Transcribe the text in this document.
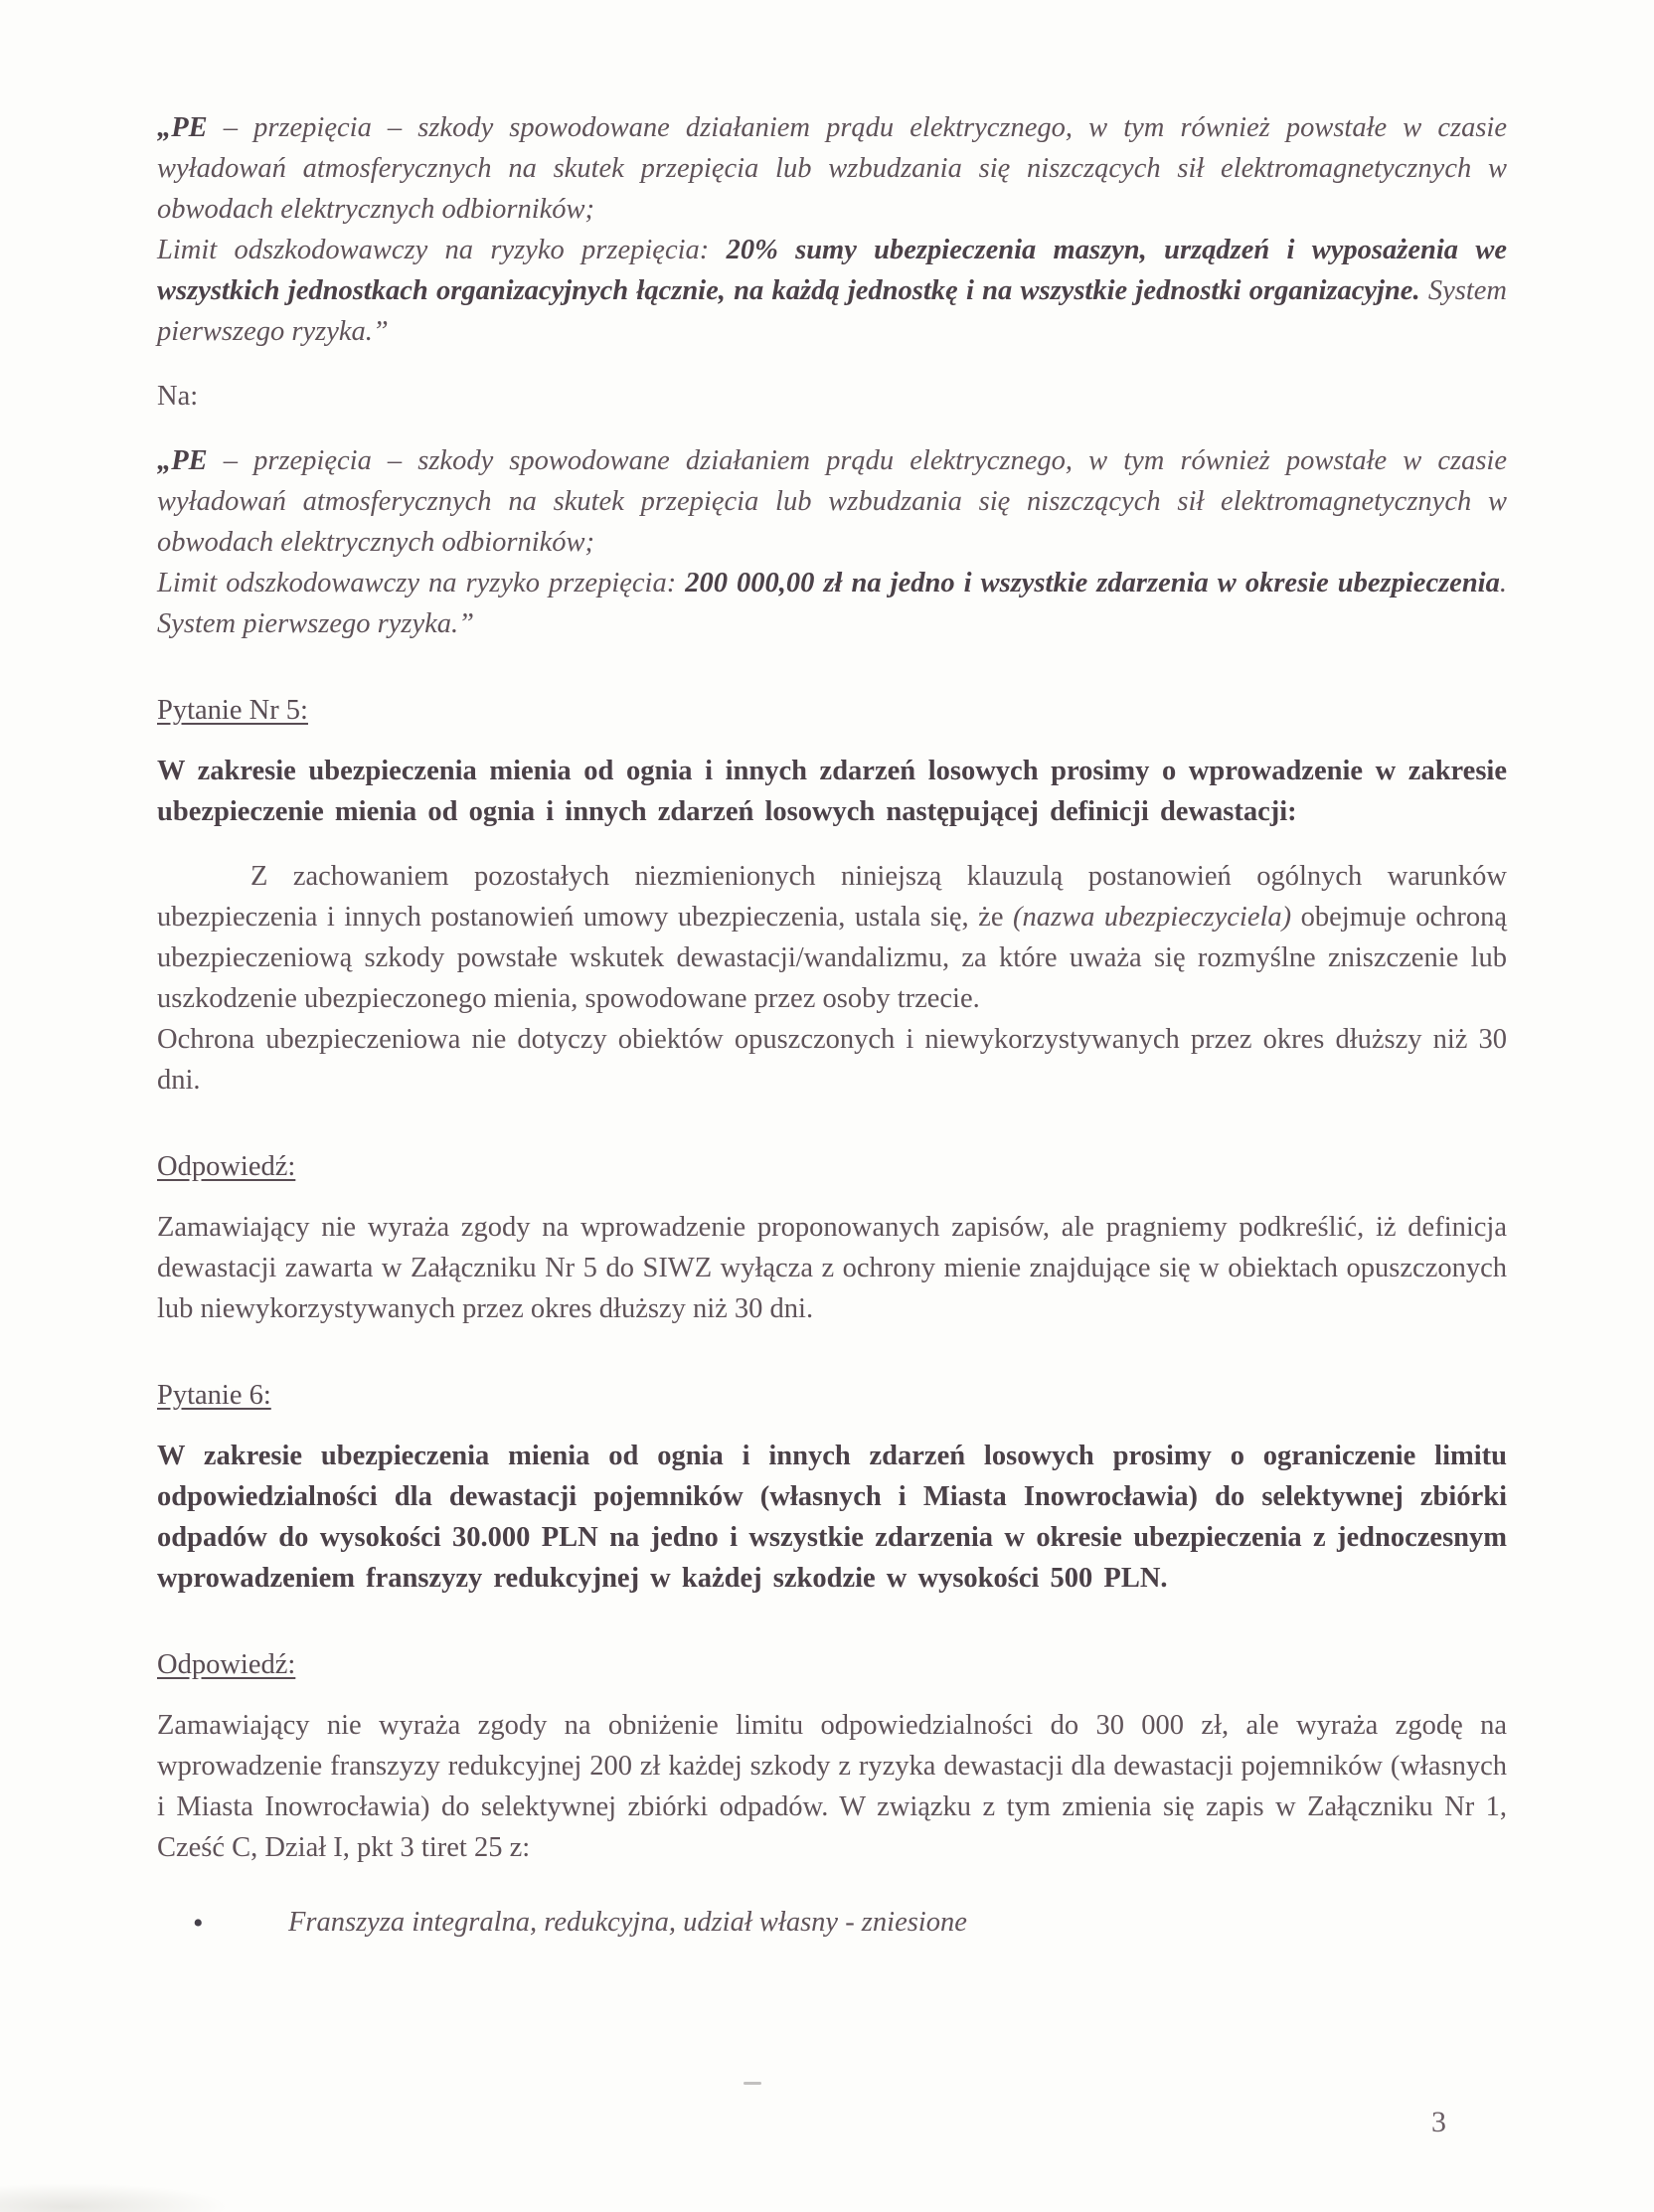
„PE – przepięcia – szkody spowodowane działaniem prądu elektrycznego, w tym również powstałe w czasie wyładowań atmosferycznych na skutek przepięcia lub wzbudzania się niszczących sił elektromagnetycznych w obwodach elektrycznych odbiorników;

Limit odszkodowawczy na ryzyko przepięcia: 20% sumy ubezpieczenia maszyn, urządzeń i wyposażenia we wszystkich jednostkach organizacyjnych łącznie, na każdą jednostkę i na wszystkie jednostki organizacyjne. System pierwszego ryzyka.”

Na:

„PE – przepięcia – szkody spowodowane działaniem prądu elektrycznego, w tym również powstałe w czasie wyładowań atmosferycznych na skutek przepięcia lub wzbudzania się niszczących sił elektromagnetycznych w obwodach elektrycznych odbiorników;

Limit odszkodowawczy na ryzyko przepięcia: 200 000,00 zł na jedno i wszystkie zdarzenia w okresie ubezpieczenia. System pierwszego ryzyka.”

Pytanie Nr 5:

W zakresie ubezpieczenia mienia od ognia i innych zdarzeń losowych prosimy o wprowadzenie w zakresie ubezpieczenie mienia od ognia i innych zdarzeń losowych następującej definicji dewastacji:

Z zachowaniem pozostałych niezmienionych niniejszą klauzulą postanowień ogólnych warunków ubezpieczenia i innych postanowień umowy ubezpieczenia, ustala się, że (nazwa ubezpieczyciela) obejmuje ochroną ubezpieczeniową szkody powstałe wskutek dewastacji/wandalizmu, za które uważa się rozmyślne zniszczenie lub uszkodzenie ubezpieczonego mienia, spowodowane przez osoby trzecie.

Ochrona ubezpieczeniowa nie dotyczy obiektów opuszczonych i niewykorzystywanych przez okres dłuższy niż 30 dni.

Odpowiedź:

Zamawiający nie wyraża zgody na wprowadzenie proponowanych zapisów, ale pragniemy podkreślić, iż definicja dewastacji zawarta w Załączniku Nr 5 do SIWZ wyłącza z ochrony mienie znajdujące się w obiektach opuszczonych lub niewykorzystywanych przez okres dłuższy niż 30 dni.

Pytanie 6:

W zakresie ubezpieczenia mienia od ognia i innych zdarzeń losowych prosimy o ograniczenie limitu odpowiedzialności dla dewastacji pojemników (własnych i Miasta Inowrocławia) do selektywnej zbiórki odpadów do wysokości 30.000 PLN na jedno i wszystkie zdarzenia w okresie ubezpieczenia z jednoczesnym wprowadzeniem franszyzy redukcyjnej w każdej szkodzie w wysokości 500 PLN.

Odpowiedź:

Zamawiający nie wyraża zgody na obniżenie limitu odpowiedzialności do 30 000 zł, ale wyraża zgodę na wprowadzenie franszyzy redukcyjnej 200 zł każdej szkody z ryzyka dewastacji dla dewastacji pojemników (własnych i Miasta Inowrocławia) do selektywnej zbiórki odpadów. W związku z tym zmienia się zapis w Załączniku Nr 1, Cześć C, Dział I, pkt 3 tiret 25 z:

•	Franszyza integralna, redukcyjna, udział własny - zniesione
3
